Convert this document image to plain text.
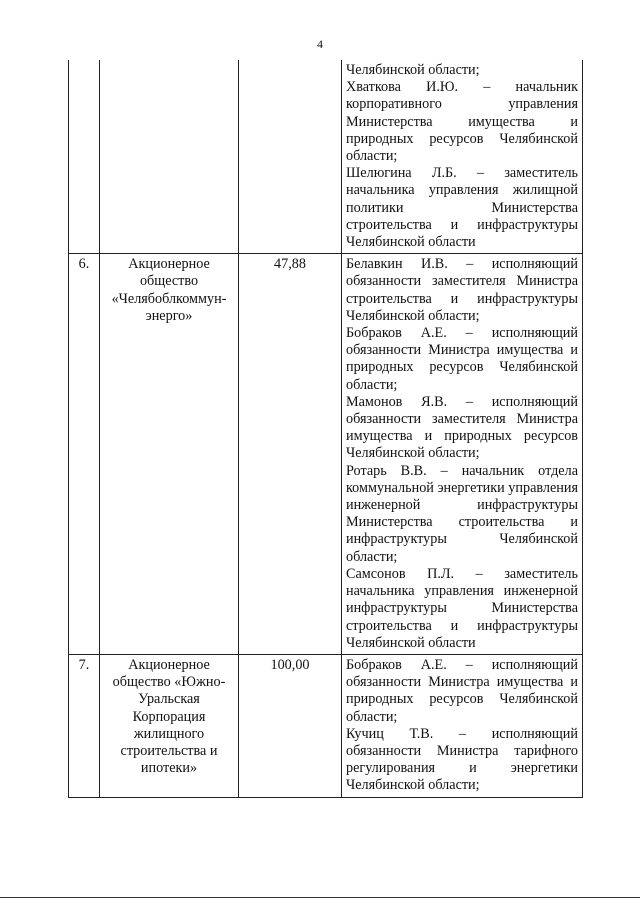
4

			Челябинской области;
Хваткова И.Ю. – начальник корпоративного управления Министерства имущества и природных ресурсов Челябинской области;
Шелюгина Л.Б. – заместитель начальника управления жилищной политики Министерства строительства и инфраструктуры Челябинской области

6.	Акционерное общество «Челябоблкоммун-энерго»	47,88	Белавкин И.В. – исполняющий обязанности заместителя Министра строительства и инфраструктуры Челябинской области;
Бобраков А.Е. – исполняющий обязанности Министра имущества и природных ресурсов Челябинской области;
Мамонов Я.В. – исполняющий обязанности заместителя Министра имущества и природных ресурсов Челябинской области;
Ротарь В.В. – начальник отдела коммунальной энергетики управления инженерной инфраструктуры Министерства строительства и инфраструктуры Челябинской области;
Самсонов П.Л. – заместитель начальника управления инженерной инфраструктуры Министерства строительства и инфраструктуры Челябинской области

7.	Акционерное общество «Южно-Уральская Корпорация жилищного строительства и ипотеки»	100,00	Бобраков А.Е. – исполняющий обязанности Министра имущества и природных ресурсов Челябинской области;
Кучиц Т.В. – исполняющий обязанности Министра тарифного регулирования и энергетики Челябинской области;
